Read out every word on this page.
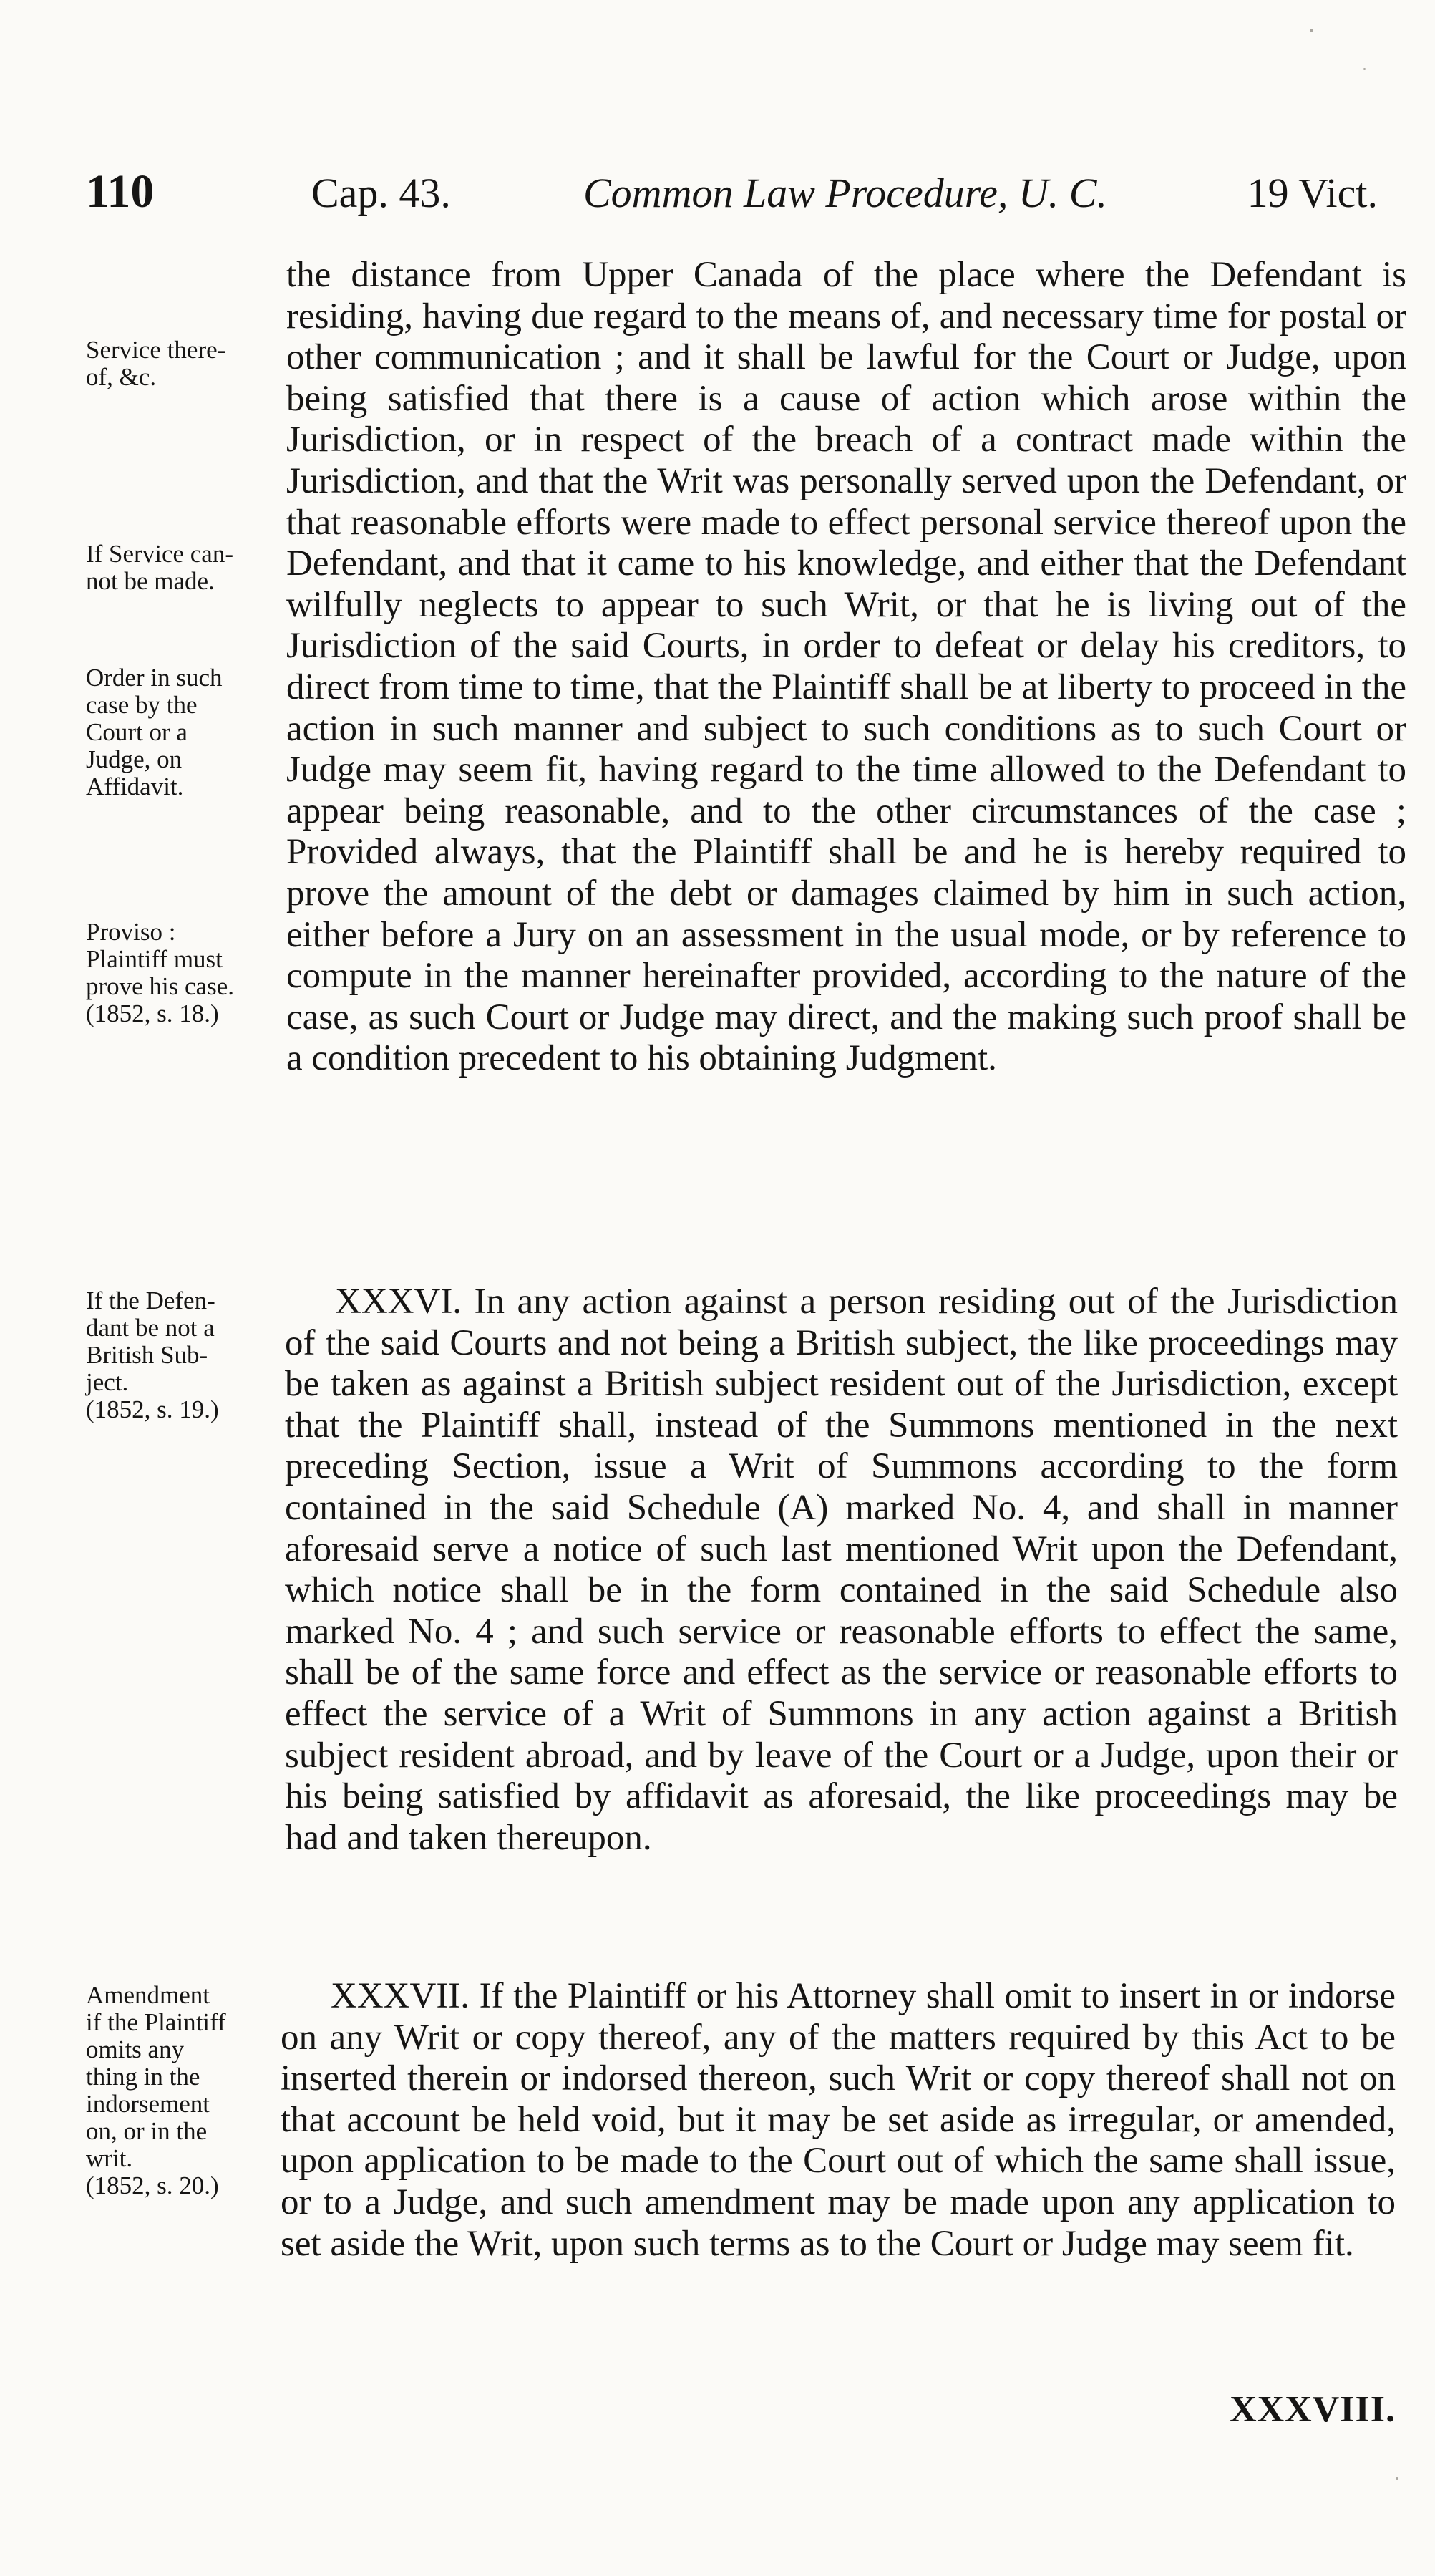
110	Cap. 43.	Common Law Procedure, U. C.	19 Vict.
the distance from Upper Canada of the place where the Defendant is residing, having due regard to the means of, and necessary time for postal or other communication ; and it shall be lawful for the Court or Judge, upon being satisfied that there is a cause of action which arose within the Jurisdiction, or in respect of the breach of a contract made within the Jurisdiction, and that the Writ was personally served upon the Defendant, or that reasonable efforts were made to effect personal service thereof upon the Defendant, and that it came to his knowledge, and either that the Defendant wilfully neglects to appear to such Writ, or that he is living out of the Jurisdiction of the said Courts, in order to defeat or delay his creditors, to direct from time to time, that the Plaintiff shall be at liberty to proceed in the action in such manner and subject to such conditions as to such Court or Judge may seem fit, having regard to the time allowed to the Defendant to appear being reasonable, and to the other circumstances of the case ; Provided always, that the Plaintiff shall be and he is hereby required to prove the amount of the debt or damages claimed by him in such action, either before a Jury on an assessment in the usual mode, or by reference to compute in the manner hereinafter provided, according to the nature of the case, as such Court or Judge may direct, and the making such proof shall be a condition precedent to his obtaining Judgment.
XXXVI. In any action against a person residing out of the Jurisdiction of the said Courts and not being a British subject, the like proceedings may be taken as against a British subject resident out of the Jurisdiction, except that the Plaintiff shall, instead of the Summons mentioned in the next preceding Section, issue a Writ of Summons according to the form contained in the said Schedule (A) marked No. 4, and shall in manner aforesaid serve a notice of such last mentioned Writ upon the Defendant, which notice shall be in the form contained in the said Schedule also marked No. 4 ; and such service or reasonable efforts to effect the same, shall be of the same force and effect as the service or reasonable efforts to effect the service of a Writ of Summons in any action against a British subject resident abroad, and by leave of the Court or a Judge, upon their or his being satisfied by affidavit as aforesaid, the like proceedings may be had and taken thereupon.
XXXVII. If the Plaintiff or his Attorney shall omit to insert in or indorse on any Writ or copy thereof, any of the matters required by this Act to be inserted therein or indorsed thereon, such Writ or copy thereof shall not on that account be held void, but it may be set aside as irregular, or amended, upon application to be made to the Court out of which the same shall issue, or to a Judge, and such amendment may be made upon any application to set aside the Writ, upon such terms as to the Court or Judge may seem fit.
Service there-
of, &c.
If Service can-
not be made.
Order in such
case by the
Court or a
Judge, on
Affidavit.
Proviso :
Plaintiff must
prove his case.
(1852, s. 18.)
If the Defen-
dant be not a
British Sub-
ject.
(1852, s. 19.)
Amendment
if the Plaintiff
omits any
thing in the
indorsement
on, or in the
writ.
(1852, s. 20.)
XXXVIII.
